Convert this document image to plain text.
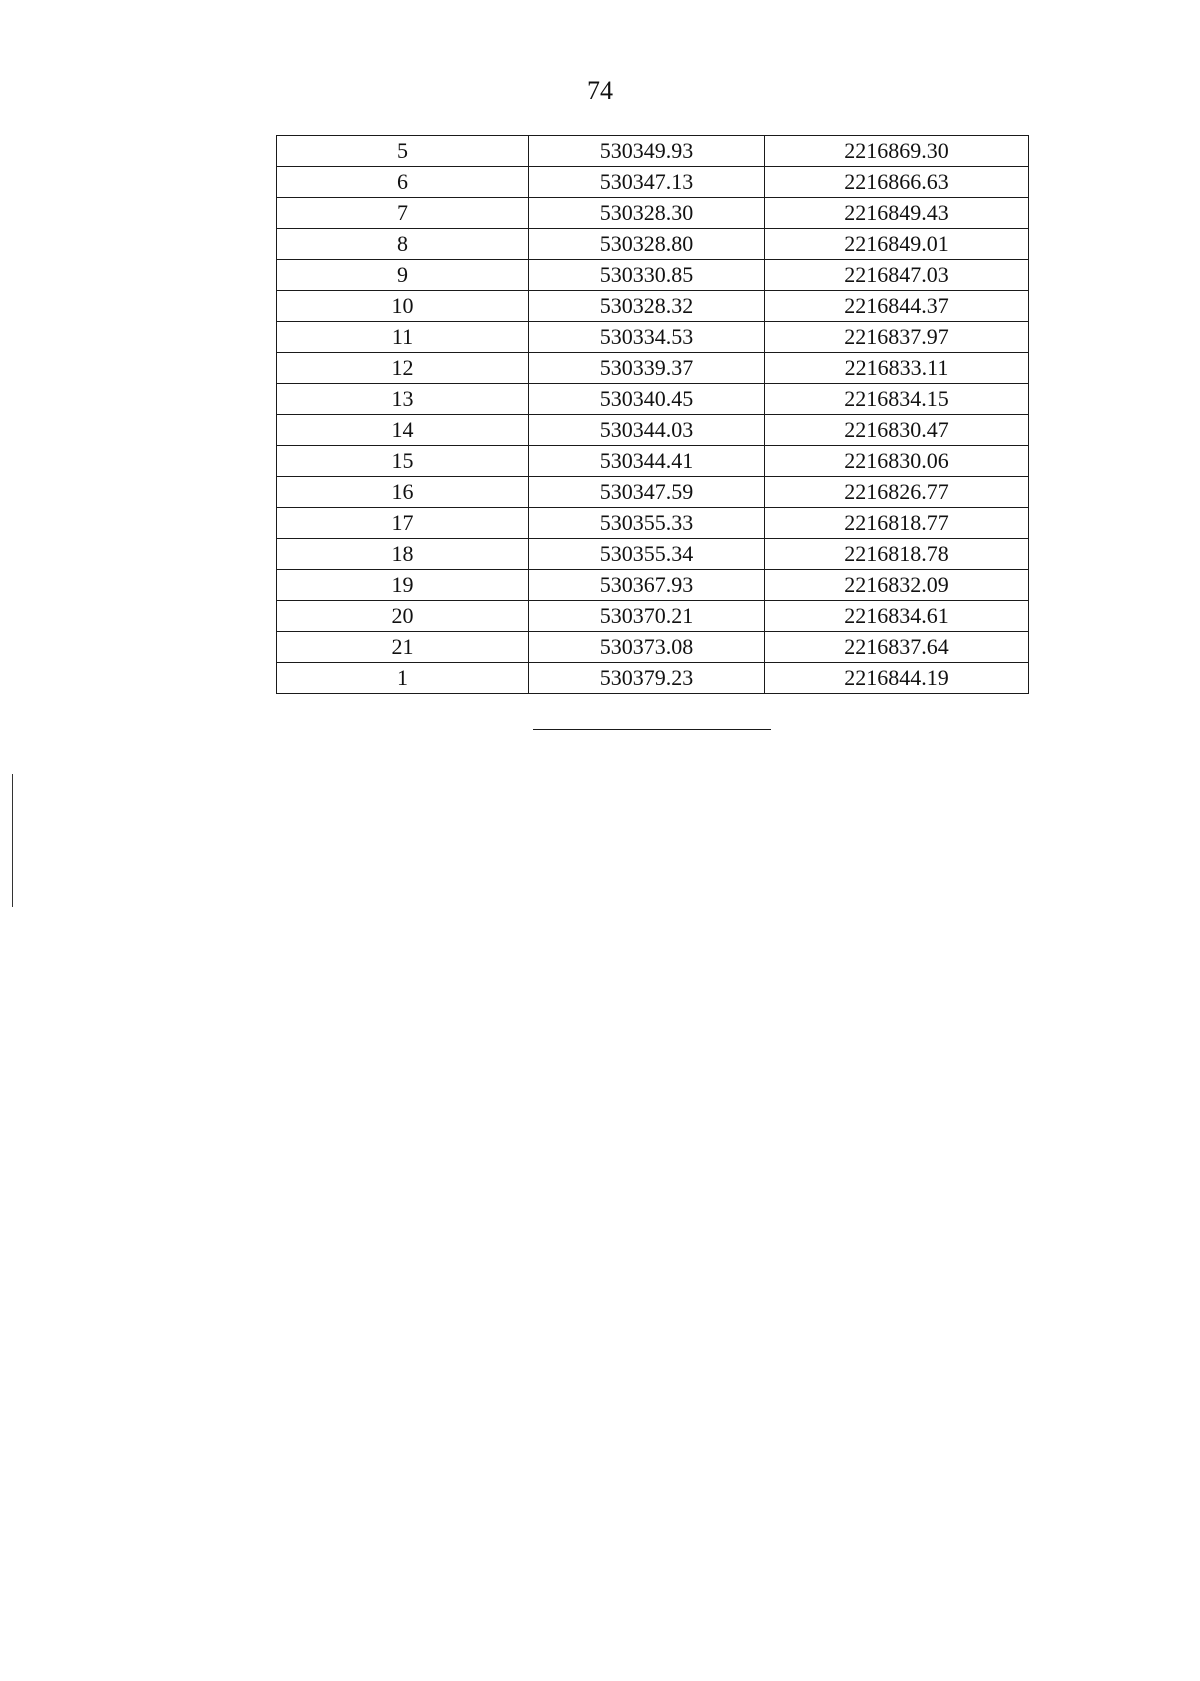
74
5	530349.93	2216869.30
6	530347.13	2216866.63
7	530328.30	2216849.43
8	530328.80	2216849.01
9	530330.85	2216847.03
10	530328.32	2216844.37
11	530334.53	2216837.97
12	530339.37	2216833.11
13	530340.45	2216834.15
14	530344.03	2216830.47
15	530344.41	2216830.06
16	530347.59	2216826.77
17	530355.33	2216818.77
18	530355.34	2216818.78
19	530367.93	2216832.09
20	530370.21	2216834.61
21	530373.08	2216837.64
1	530379.23	2216844.19
